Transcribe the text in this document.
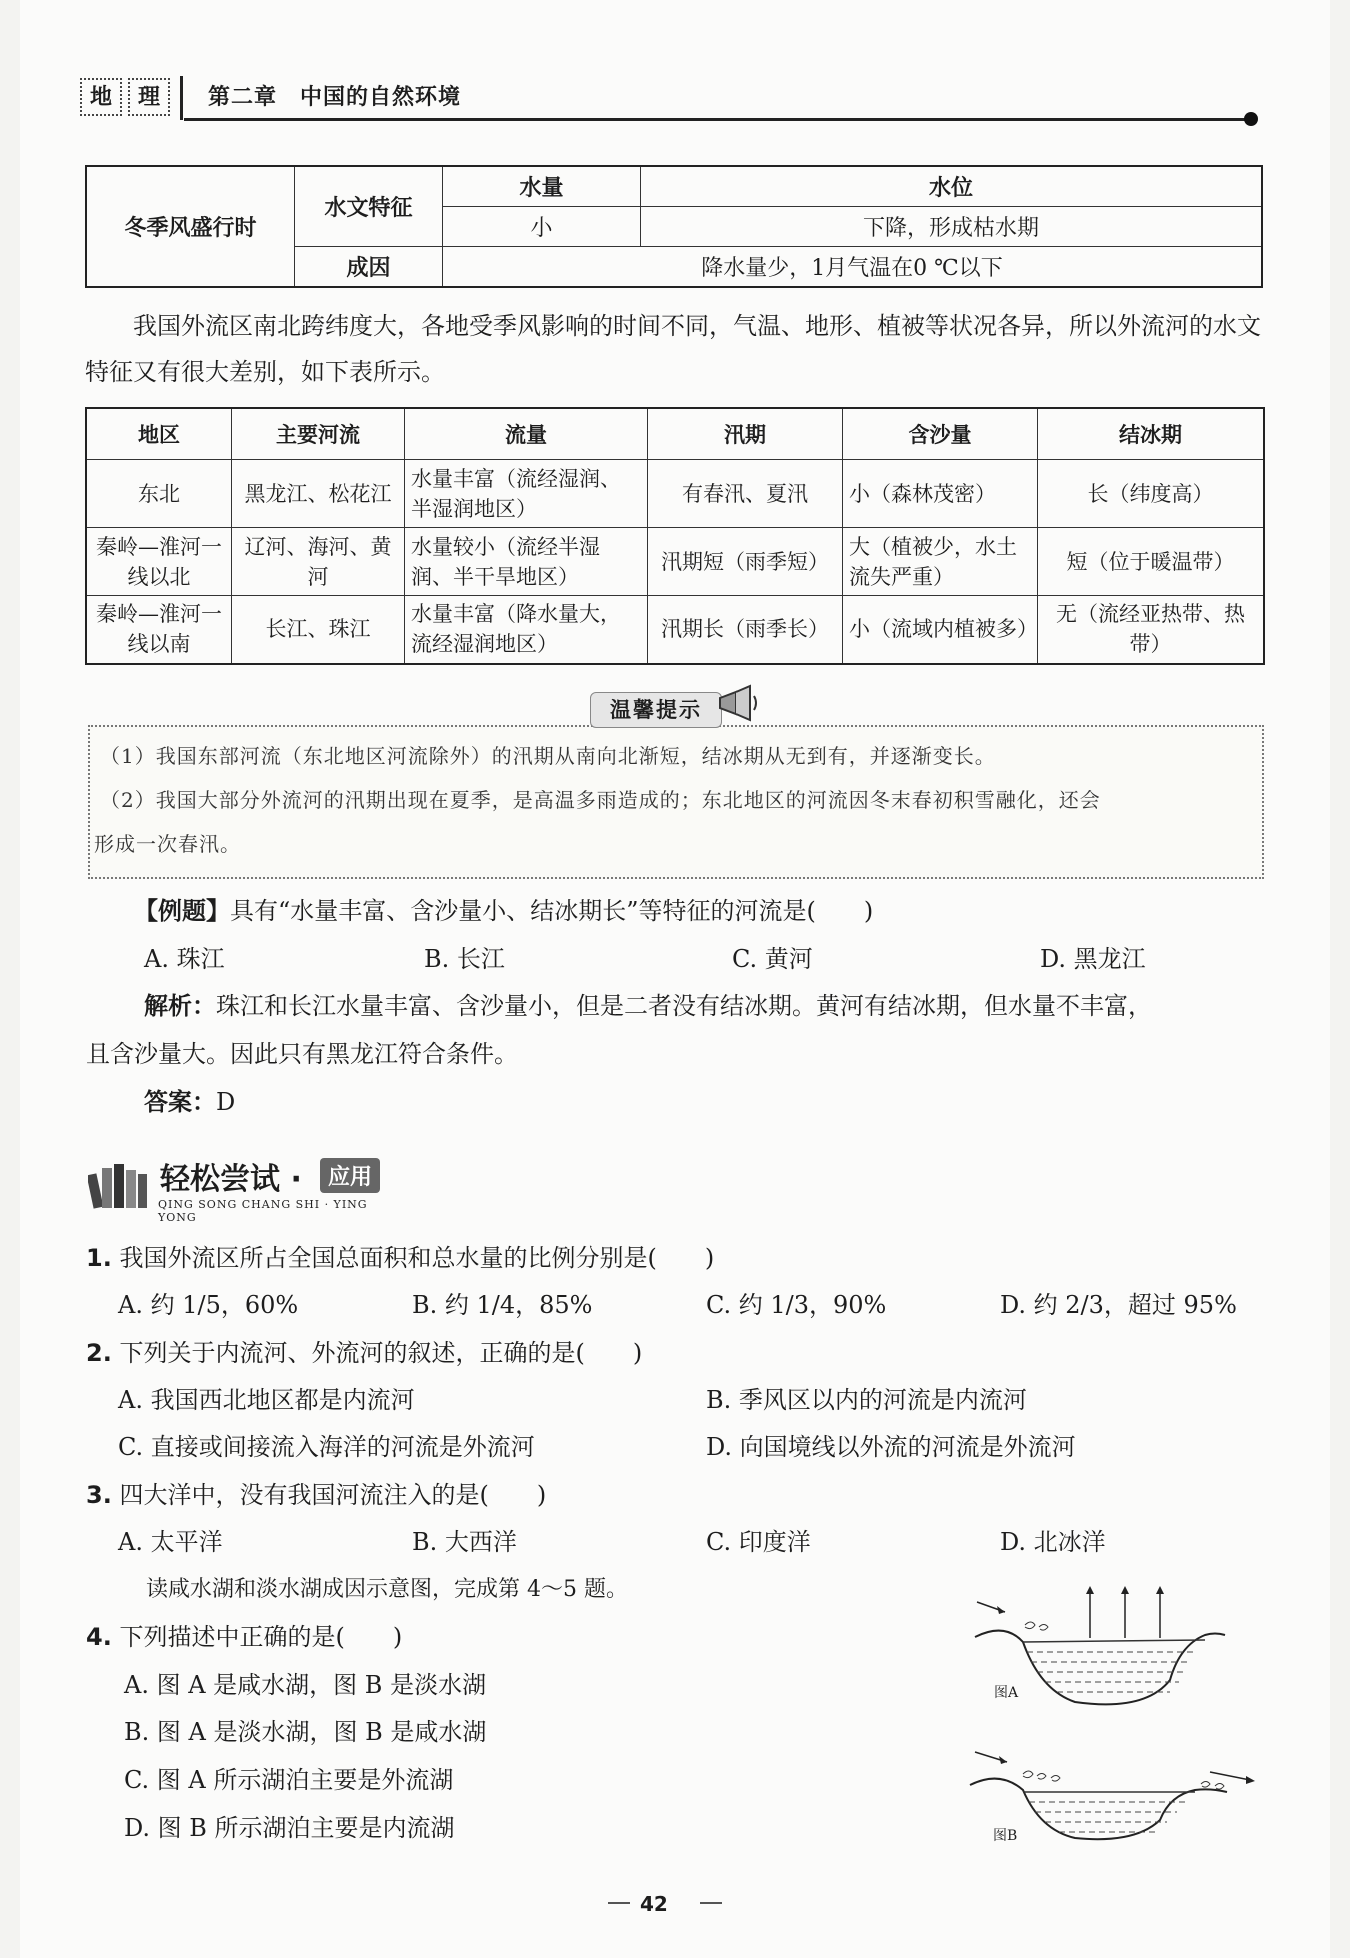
地	理	第二章　中国的自然环境
冬季风盛行时	水文特征	水量	水位
		小	下降，形成枯水期
	成因	降水量少，1月气温在0 ℃以下	
我国外流区南北跨纬度大，各地受季风影响的时间不同，气温、地形、植被等状况各异，所以外流河的水文特征又有很大差别，如下表所示。
地区	主要河流	流量	汛期	含沙量	结冰期
东北	黑龙江、松花江	水量丰富（流经湿润、半湿润地区）	有春汛、夏汛	小（森林茂密）	长（纬度高）
秦岭—淮河一线以北	辽河、海河、黄河	水量较小（流经半湿润、半干旱地区）	汛期短（雨季短）	大（植被少，水土流失严重）	短（位于暖温带）
秦岭—淮河一线以南	长江、珠江	水量丰富（降水量大，流经湿润地区）	汛期长（雨季长）	小（流域内植被多）	无（流经亚热带、热带）
温馨提示
（1）我国东部河流（东北地区河流除外）的汛期从南向北渐短，结冰期从无到有，并逐渐变长。
（2）我国大部分外流河的汛期出现在夏季，是高温多雨造成的；东北地区的河流因冬末春初积雪融化，还会
形成一次春汛。
【例题】具有“水量丰富、含沙量小、结冰期长”等特征的河流是(　　)
A. 珠江	B. 长江	C. 黄河	D. 黑龙江
解析：珠江和长江水量丰富、含沙量小，但是二者没有结冰期。黄河有结冰期，但水量不丰富，
且含沙量大。因此只有黑龙江符合条件。
答案：D
轻松尝试 ·	应用
QING SONG CHANG SHI · YING YONG
1. 我国外流区所占全国总面积和总水量的比例分别是(　　)
A. 约 1/5，60%	B. 约 1/4，85%	C. 约 1/3，90%	D. 约 2/3，超过 95%
2. 下列关于内流河、外流河的叙述，正确的是(　　)
A. 我国西北地区都是内流河	B. 季风区以内的河流是内流河
C. 直接或间接流入海洋的河流是外流河	D. 向国境线以外流的河流是外流河
3. 四大洋中，没有我国河流注入的是(　　)
A. 太平洋	B. 大西洋	C. 印度洋	D. 北冰洋
读咸水湖和淡水湖成因示意图，完成第 4～5 题。
4. 下列描述中正确的是(　　)
A. 图 A 是咸水湖，图 B 是淡水湖
B. 图 A 是淡水湖，图 B 是咸水湖
C. 图 A 所示湖泊主要是外流湖
D. 图 B 所示湖泊主要是内流湖
图A
图B
42
